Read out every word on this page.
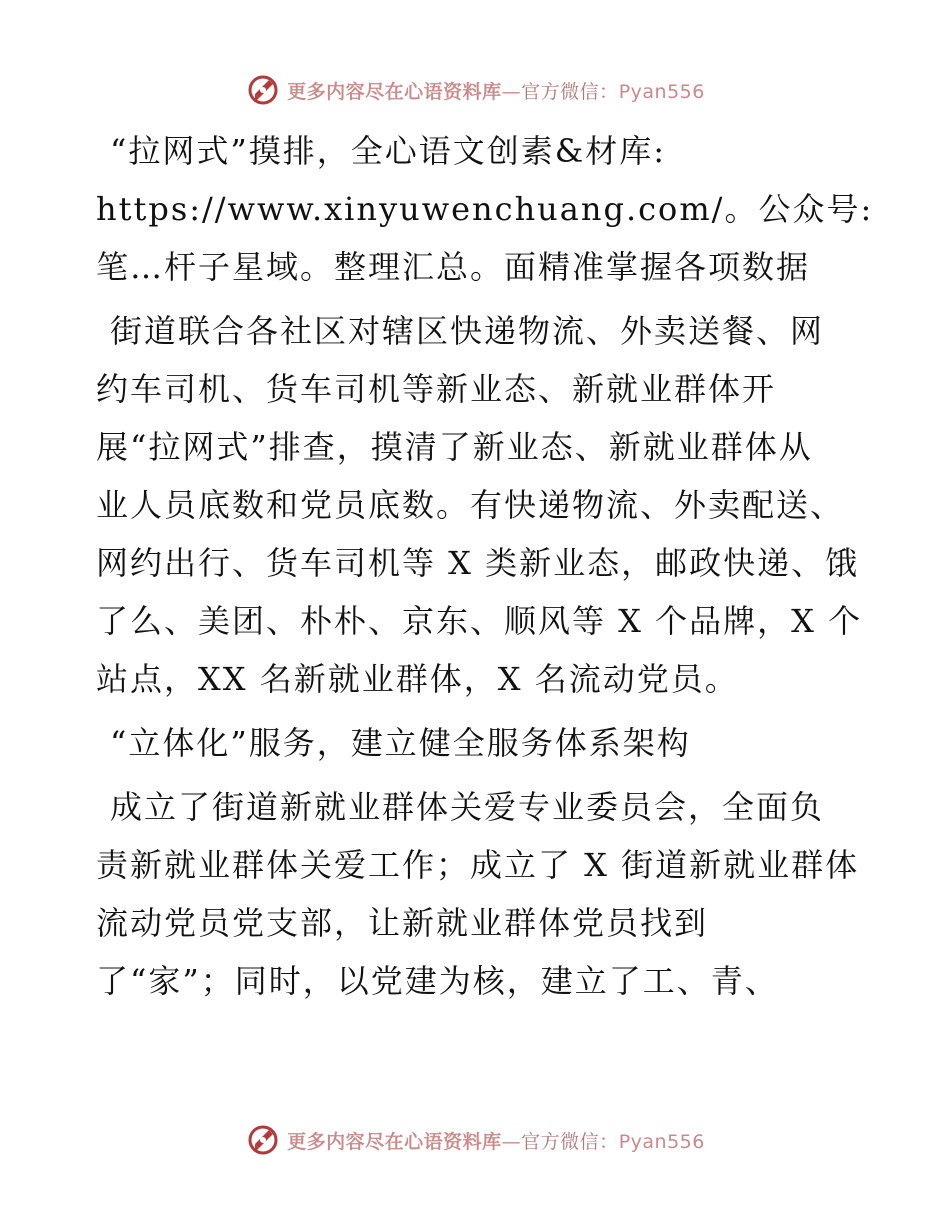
更多内容尽在心语资料库—官方微信：Pyan556
“拉网式”摸排，全心语文创素&材库:
https://www.xinyuwenchuang.com/。公众号:
笔…杆子星域。整理汇总。面精准掌握各项数据
街道联合各社区对辖区快递物流、外卖送餐、网
约车司机、货车司机等新业态、新就业群体开
展“拉网式”排查，摸清了新业态、新就业群体从
业人员底数和党员底数。有快递物流、外卖配送、
网约出行、货车司机等 X 类新业态，邮政快递、饿
了么、美团、朴朴、京东、顺风等 X 个品牌，X 个
站点，XX 名新就业群体，X 名流动党员。
“立体化”服务，建立健全服务体系架构
成立了街道新就业群体关爱专业委员会，全面负
责新就业群体关爱工作；成立了 X 街道新就业群体
流动党员党支部，让新就业群体党员找到
了“家”；同时，以党建为核，建立了工、青、
更多内容尽在心语资料库—官方微信：Pyan556
